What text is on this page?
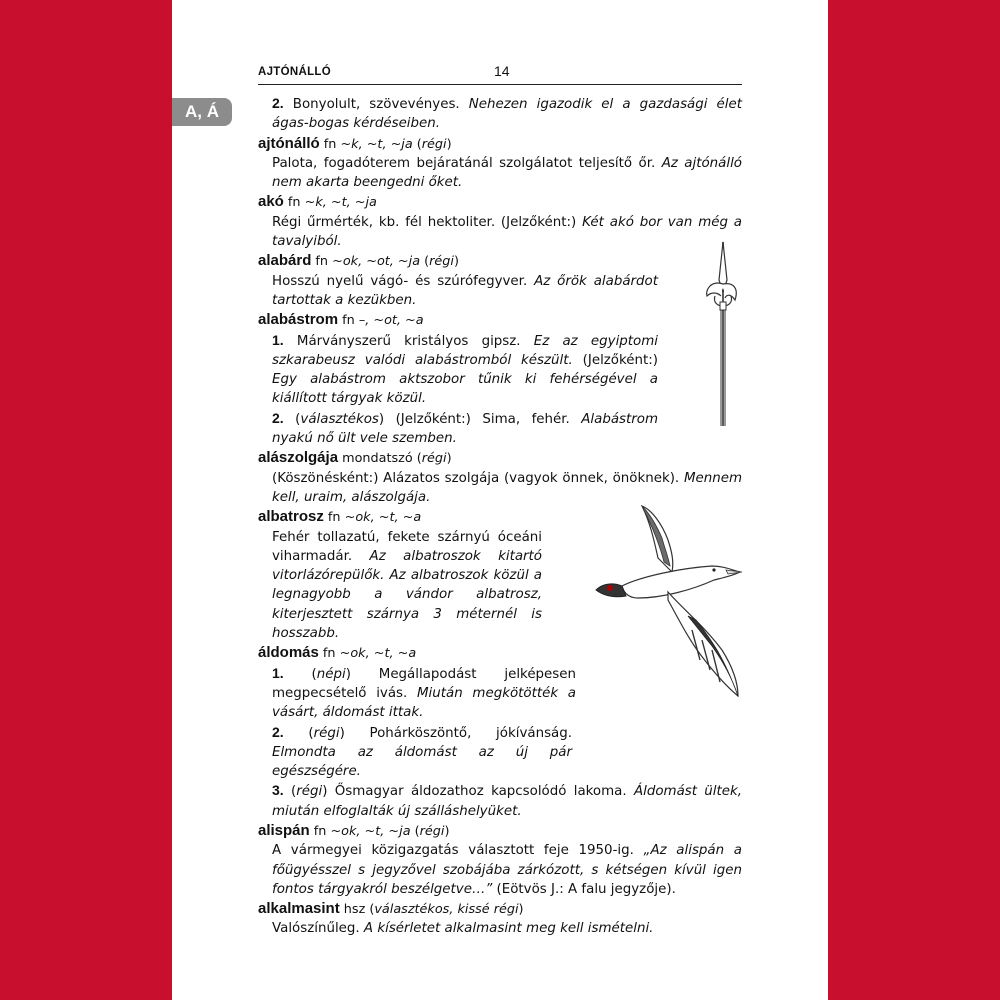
A, Á
AJTÓNÁLLÓ	14

2. Bonyolult, szövevényes. Nehezen igazodik el a gazdasági élet ágas-bogas kérdéseiben.

ajtónálló fn ~k, ~t, ~ja (régi)

Palota, fogadóterem bejáratánál szolgálatot teljesítő őr. Az ajtónálló nem akarta beengedni őket.

akó fn ~k, ~t, ~ja

Régi űrmérték, kb. fél hektoliter. (Jelzőként:) Két akó bor van még a tavalyiból.

alabárd fn ~ok, ~ot, ~ja (régi)

Hosszú nyelű vágó- és szúrófegyver. Az őrök alabárdot tartottak a kezükben.

alabástrom fn –, ~ot, ~a

1. Márványszerű kristályos gipsz. Ez az egyiptomi szkarabeusz valódi alabástromból készült. (Jelzőként:) Egy alabástrom aktszobor tűnik ki fehérségével a kiállított tárgyak közül.

2. (választékos) (Jelzőként:) Sima, fehér. Alabástrom nyakú nő ült vele szemben.

alászolgája mondatszó (régi)

(Köszönésként:) Alázatos szolgája (vagyok önnek, önöknek). Mennem kell, uraim, alászolgája.

albatrosz fn ~ok, ~t, ~a

Fehér tollazatú, fekete szárnyú óceáni viharmadár. Az albatroszok kitartó vitorlázórepülők. Az albatroszok közül a legnagyobb a vándor albatrosz, kiterjesztett szárnya 3 méternél is hosszabb.

áldomás fn ~ok, ~t, ~a

1. (népi) Megállapodást jelképesen megpecsételő ivás. Miután megkötötték a vásárt, áldomást ittak.

2. (régi) Pohárköszöntő, jókívánság. Elmondta az áldomást az új pár egészségére.

3. (régi) Ősmagyar áldozathoz kapcsolódó lakoma. Áldomást ültek, miután elfoglalták új szálláshelyüket.

alispán fn ~ok, ~t, ~ja (régi)

A vármegyei közigazgatás választott feje 1950-ig. „Az alispán a főügyésszel s jegyzővel szobájába zárkózott, s kétségen kívül igen fontos tárgyakról beszélgetve…” (Eötvös J.: A falu jegyzője).

alkalmasint hsz (választékos, kissé régi)

Valószínűleg. A kísérletet alkalmasint meg kell ismételni.
